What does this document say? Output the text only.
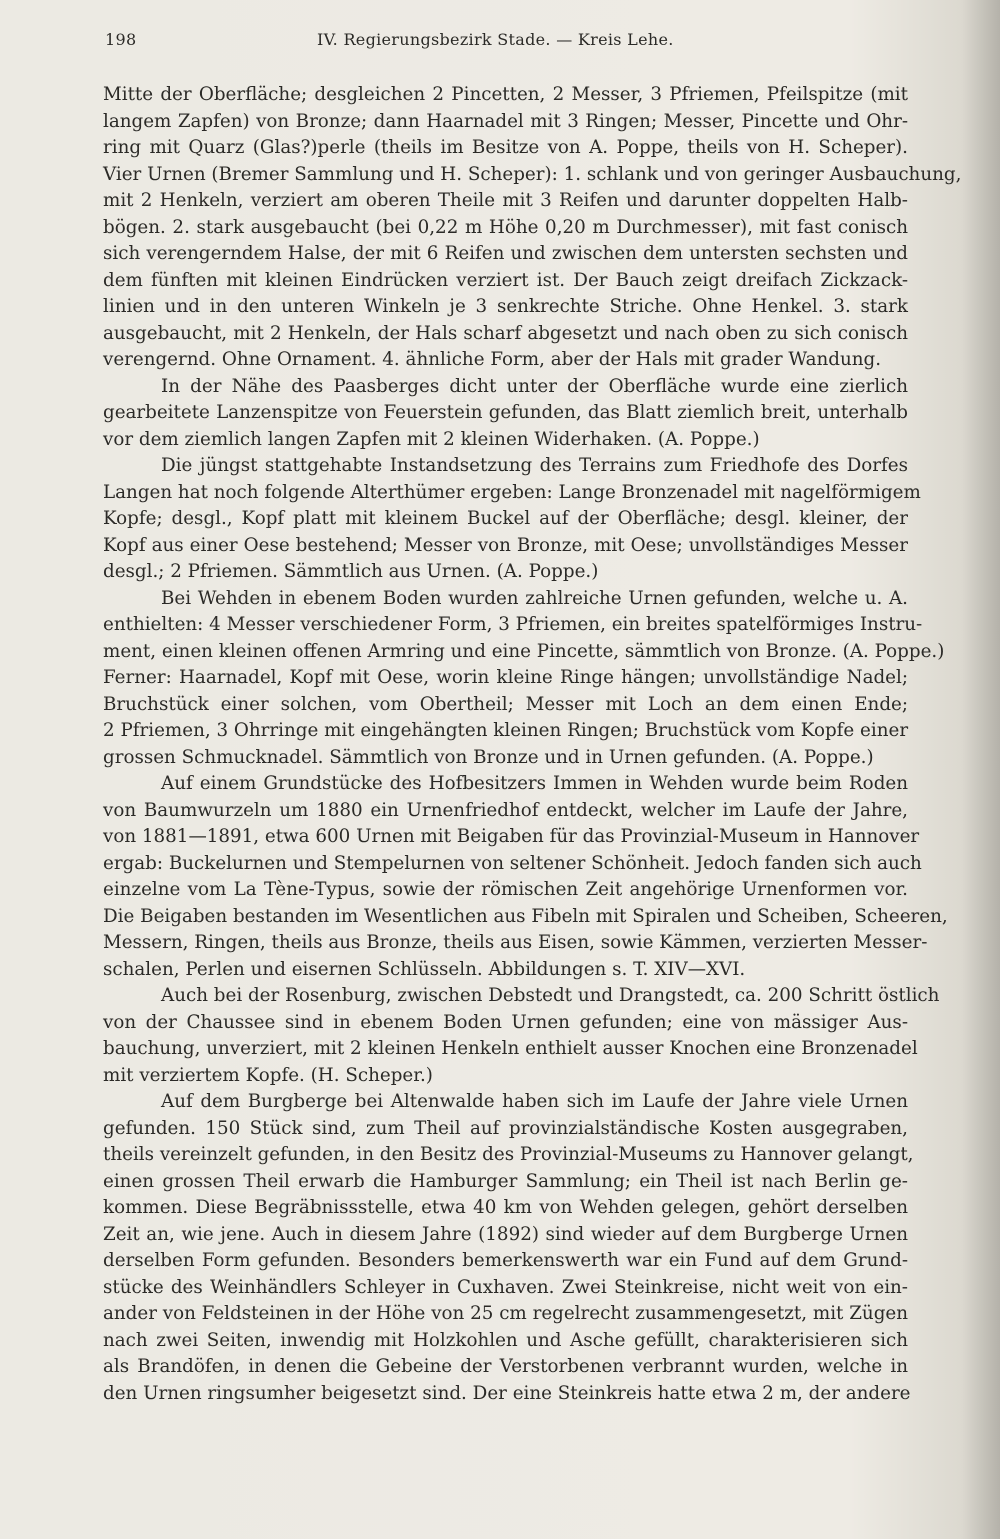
198	IV. Regierungsbezirk Stade. — Kreis Lehe.
Mitte der Oberfläche; desgleichen 2 Pincetten, 2 Messer, 3 Pfriemen, Pfeilspitze (mit
langem Zapfen) von Bronze; dann Haarnadel mit 3 Ringen; Messer, Pincette und Ohr-
ring mit Quarz (Glas?)perle (theils im Besitze von A. Poppe, theils von H. Scheper).
Vier Urnen (Bremer Sammlung und H. Scheper): 1. schlank und von geringer Ausbauchung,
mit 2 Henkeln, verziert am oberen Theile mit 3 Reifen und darunter doppelten Halb-
bögen. 2. stark ausgebaucht (bei 0,22 m Höhe 0,20 m Durchmesser), mit fast conisch
sich verengerndem Halse, der mit 6 Reifen und zwischen dem untersten sechsten und
dem fünften mit kleinen Eindrücken verziert ist. Der Bauch zeigt dreifach Zickzack-
linien und in den unteren Winkeln je 3 senkrechte Striche. Ohne Henkel. 3. stark
ausgebaucht, mit 2 Henkeln, der Hals scharf abgesetzt und nach oben zu sich conisch
verengernd. Ohne Ornament. 4. ähnliche Form, aber der Hals mit grader Wandung.
In der Nähe des Paasberges dicht unter der Oberfläche wurde eine zierlich
gearbeitete Lanzenspitze von Feuerstein gefunden, das Blatt ziemlich breit, unterhalb
vor dem ziemlich langen Zapfen mit 2 kleinen Widerhaken. (A. Poppe.)
Die jüngst stattgehabte Instandsetzung des Terrains zum Friedhofe des Dorfes
Langen hat noch folgende Alterthümer ergeben: Lange Bronzenadel mit nagelförmigem
Kopfe; desgl., Kopf platt mit kleinem Buckel auf der Oberfläche; desgl. kleiner, der
Kopf aus einer Oese bestehend; Messer von Bronze, mit Oese; unvollständiges Messer
desgl.; 2 Pfriemen. Sämmtlich aus Urnen. (A. Poppe.)
Bei Wehden in ebenem Boden wurden zahlreiche Urnen gefunden, welche u. A.
enthielten: 4 Messer verschiedener Form, 3 Pfriemen, ein breites spatelförmiges Instru-
ment, einen kleinen offenen Armring und eine Pincette, sämmtlich von Bronze. (A. Poppe.)
Ferner: Haarnadel, Kopf mit Oese, worin kleine Ringe hängen; unvollständige Nadel;
Bruchstück einer solchen, vom Obertheil; Messer mit Loch an dem einen Ende;
2 Pfriemen, 3 Ohrringe mit eingehängten kleinen Ringen; Bruchstück vom Kopfe einer
grossen Schmucknadel. Sämmtlich von Bronze und in Urnen gefunden. (A. Poppe.)
Auf einem Grundstücke des Hofbesitzers Immen in Wehden wurde beim Roden
von Baumwurzeln um 1880 ein Urnenfriedhof entdeckt, welcher im Laufe der Jahre,
von 1881—1891, etwa 600 Urnen mit Beigaben für das Provinzial-Museum in Hannover
ergab: Buckelurnen und Stempelurnen von seltener Schönheit. Jedoch fanden sich auch
einzelne vom La Tène-Typus, sowie der römischen Zeit angehörige Urnenformen vor.
Die Beigaben bestanden im Wesentlichen aus Fibeln mit Spiralen und Scheiben, Scheeren,
Messern, Ringen, theils aus Bronze, theils aus Eisen, sowie Kämmen, verzierten Messer-
schalen, Perlen und eisernen Schlüsseln. Abbildungen s. T. XIV—XVI.
Auch bei der Rosenburg, zwischen Debstedt und Drangstedt, ca. 200 Schritt östlich
von der Chaussee sind in ebenem Boden Urnen gefunden; eine von mässiger Aus-
bauchung, unverziert, mit 2 kleinen Henkeln enthielt ausser Knochen eine Bronzenadel
mit verziertem Kopfe. (H. Scheper.)
Auf dem Burgberge bei Altenwalde haben sich im Laufe der Jahre viele Urnen
gefunden. 150 Stück sind, zum Theil auf provinzialständische Kosten ausgegraben,
theils vereinzelt gefunden, in den Besitz des Provinzial-Museums zu Hannover gelangt,
einen grossen Theil erwarb die Hamburger Sammlung; ein Theil ist nach Berlin ge-
kommen. Diese Begräbnissstelle, etwa 40 km von Wehden gelegen, gehört derselben
Zeit an, wie jene. Auch in diesem Jahre (1892) sind wieder auf dem Burgberge Urnen
derselben Form gefunden. Besonders bemerkenswerth war ein Fund auf dem Grund-
stücke des Weinhändlers Schleyer in Cuxhaven. Zwei Steinkreise, nicht weit von ein-
ander von Feldsteinen in der Höhe von 25 cm regelrecht zusammengesetzt, mit Zügen
nach zwei Seiten, inwendig mit Holzkohlen und Asche gefüllt, charakterisieren sich
als Brandöfen, in denen die Gebeine der Verstorbenen verbrannt wurden, welche in
den Urnen ringsumher beigesetzt sind. Der eine Steinkreis hatte etwa 2 m, der andere
